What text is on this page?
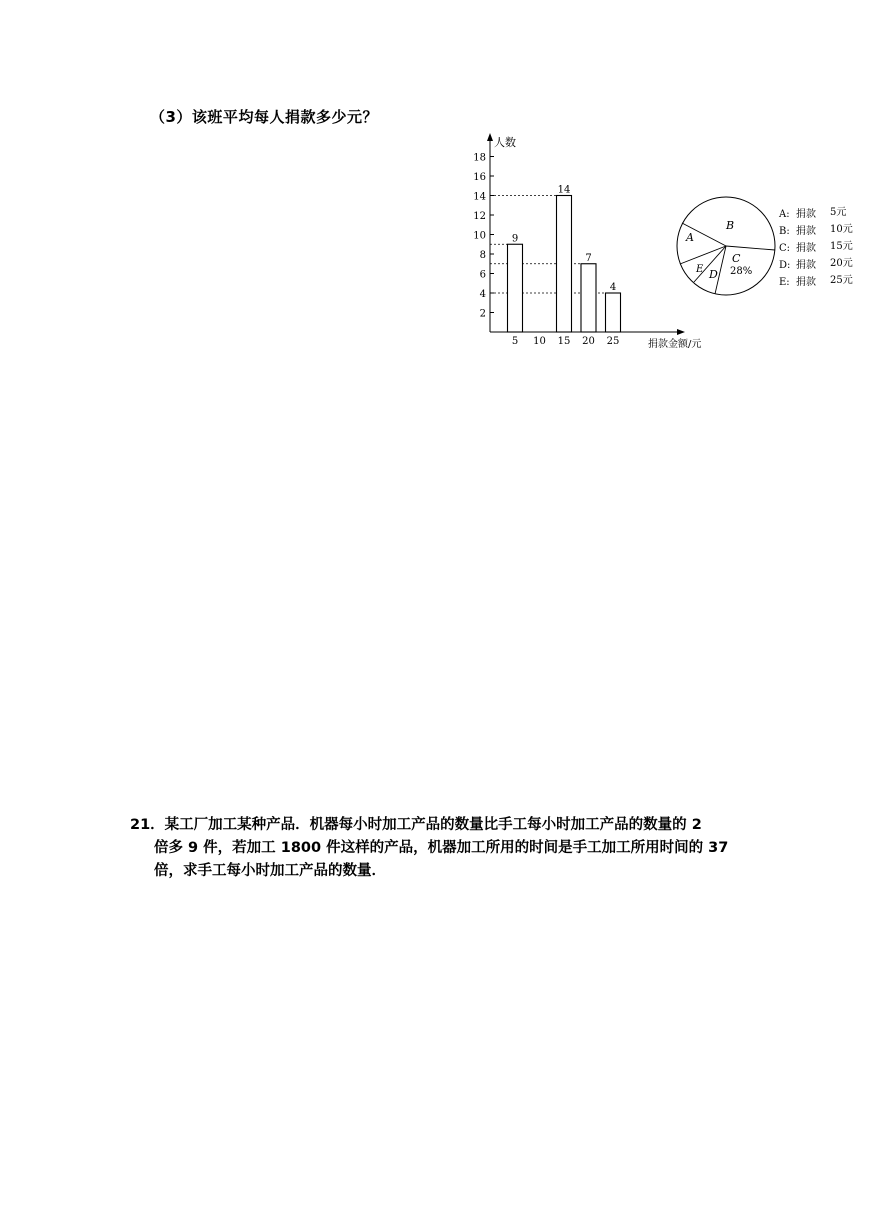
（3）该班平均每人捐款多少元？
人数
捐款金额/元
2
4
6
8
10
12
14
16
18
5 10 15 20 25
9
14
7
4
A
B
C
28%
D
E
A: 捐款 5元
B: 捐款 10元
C: 捐款 15元
D: 捐款 20元
E: 捐款 25元
21．某工厂加工某种产品．机器每小时加工产品的数量比手工每小时加工产品的数量的 2
倍多 9 件，若加工 1800 件这样的产品，机器加工所用的时间是手工加工所用时间的 37
倍，求手工每小时加工产品的数量．
